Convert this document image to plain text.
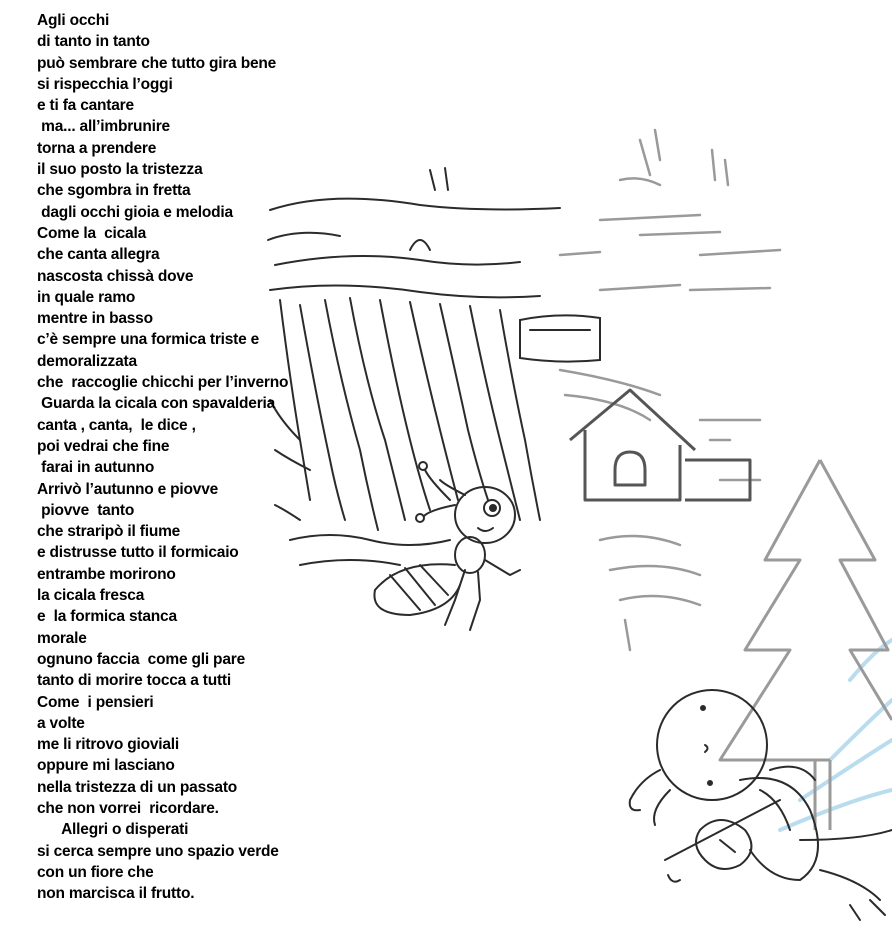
Agli occhi
di tanto in tanto
può sembrare che tutto gira bene
si rispecchia l’oggi
e ti fa cantare
ma... all’imbrunire
torna a prendere
il suo posto la tristezza
che sgombra in fretta
dagli occhi gioia e melodia
Come la  cicala
che canta allegra
nascosta chissà dove
in quale ramo
mentre in basso
c’è sempre una formica triste e
demoralizzata
che  raccoglie chicchi per l’inverno
Guarda la cicala con spavalderia
canta , canta,  le dice ,
poi vedrai che fine
farai in autunno
Arrivò l’autunno e piovve
piovve  tanto
che straripò il fiume
e distrusse tutto il formicaio
entrambe morirono
la cicala fresca
e  la formica stanca
morale
ognuno faccia  come gli pare
tanto di morire tocca a tutti
Come  i pensieri
a volte
me li ritrovo gioviali
oppure mi lasciano
nella tristezza di un passato
che non vorrei  ricordare.
Allegri o disperati
si cerca sempre uno spazio verde
con un fiore che
non marcisca il frutto.
